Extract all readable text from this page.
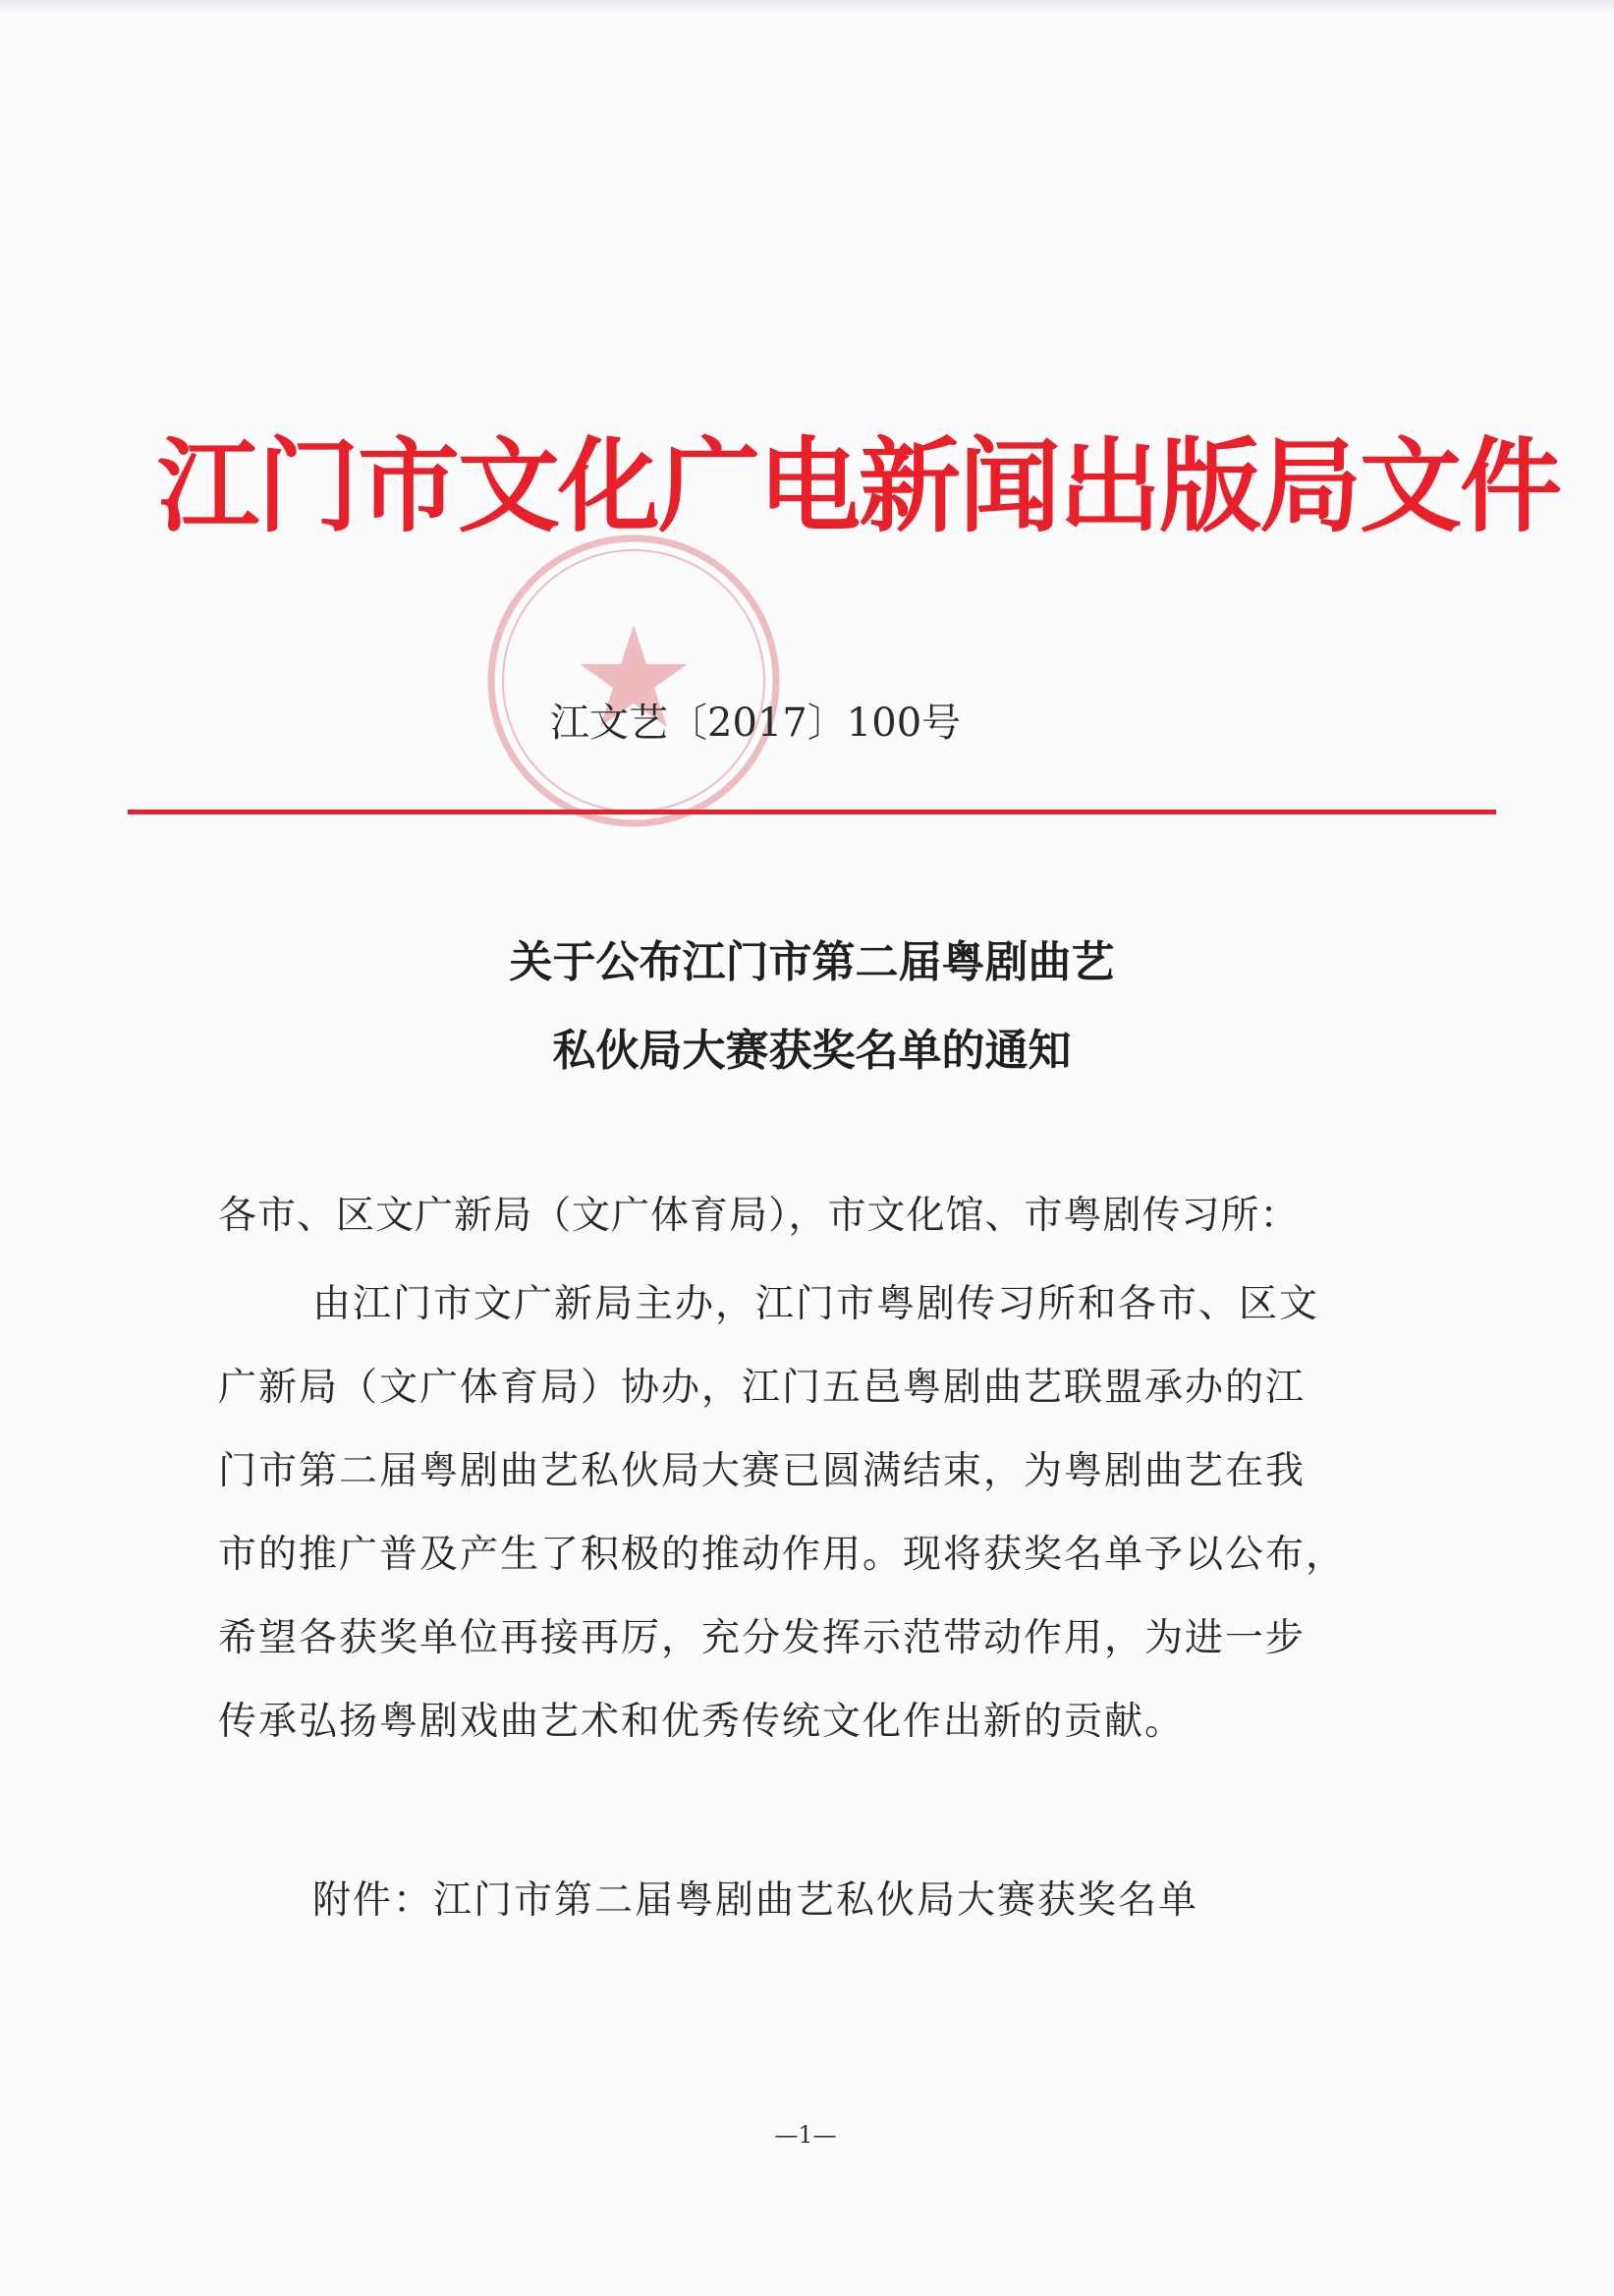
江门市文化广电新闻出版局文件
江文艺〔2017〕100号
关于公布江门市第二届粤剧曲艺
私伙局大赛获奖名单的通知
各市、区文广新局（文广体育局），市文化馆、市粤剧传习所：
由江门市文广新局主办，江门市粤剧传习所和各市、区文
广新局（文广体育局）协办，江门五邑粤剧曲艺联盟承办的江
门市第二届粤剧曲艺私伙局大赛已圆满结束，为粤剧曲艺在我
市的推广普及产生了积极的推动作用。现将获奖名单予以公布，
希望各获奖单位再接再厉，充分发挥示范带动作用，为进一步
传承弘扬粤剧戏曲艺术和优秀传统文化作出新的贡献。
附件：江门市第二届粤剧曲艺私伙局大赛获奖名单
—1—
